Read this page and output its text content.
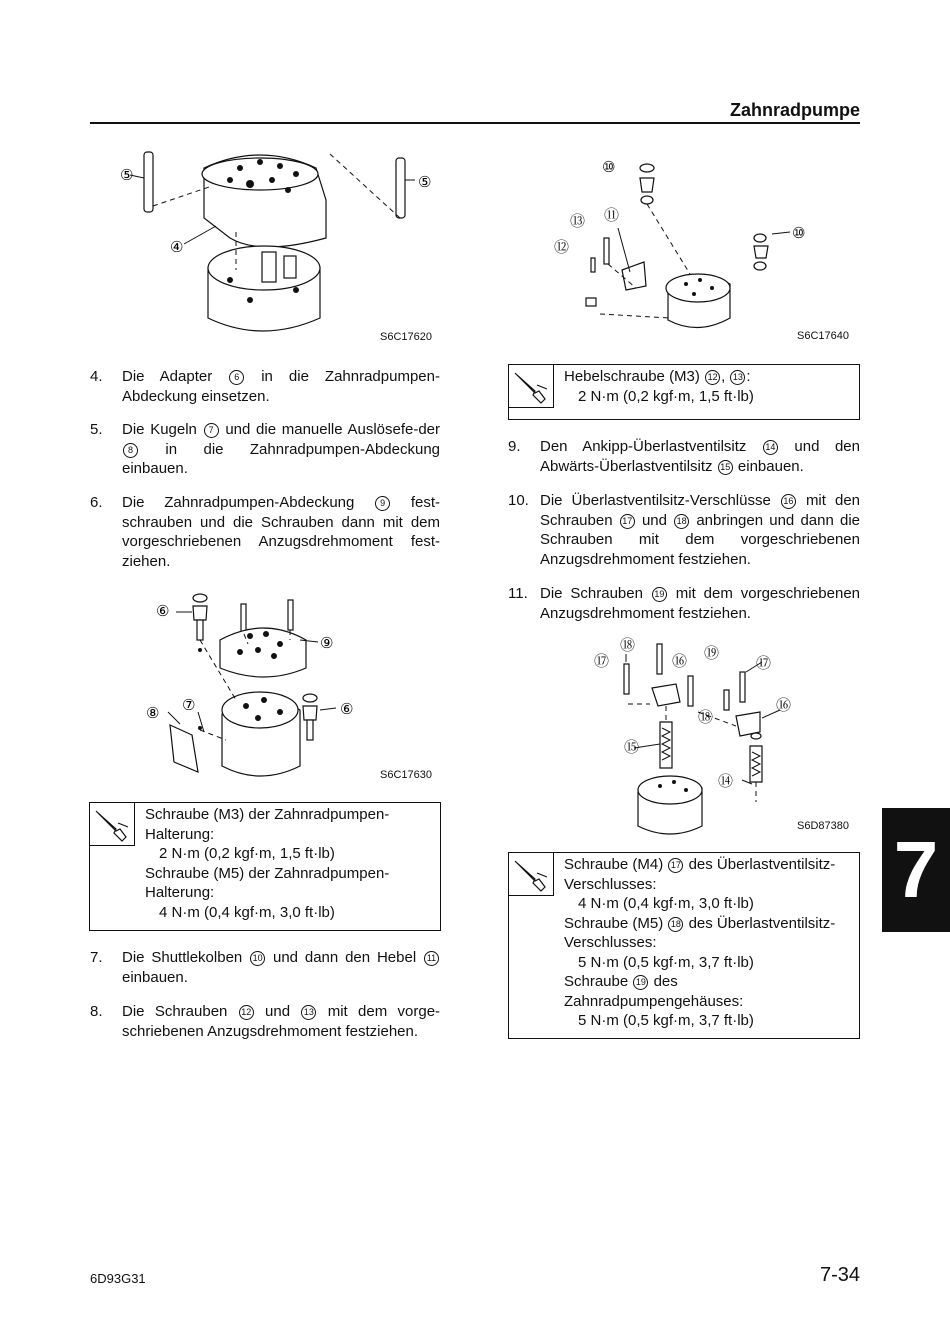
Zahnradpumpe
⑤	⑤
④
S6C17620
⑩
⑬ ⑪
⑫
⑩
S6C17640
4. Die Adapter 6 in die Zahnradpumpen-Abdeckung einsetzen.
5. Die Kugeln 7 und die manuelle Auslösefe-der 8 in die Zahnradpumpen-Abdeckung einbauen.
6. Die Zahnradpumpen-Abdeckung	9 fest-schrauben und die Schrauben dann mit dem vorgeschriebenen Anzugsdrehmoment fest-ziehen.
⑥
⑨
⑧ ⑦	⑥
S6C17630
Schraube (M3) der Zahnradpumpen-
Halterung:
2 N·m (0,2 kgf·m, 1,5 ft·lb)
Schraube (M5) der Zahnradpumpen-
Halterung:
4 N·m (0,4 kgf·m, 3,0 ft·lb)
7. Die Shuttlekolben 10 und dann den Hebel 11 einbauen.
8. Die Schrauben 12 und 13 mit dem vorge-schriebenen Anzugsdrehmoment festziehen.
Hebelschraube (M3) 12 , 13 :
2 N·m (0,2 kgf·m, 1,5 ft·lb)
9. Den Ankipp-Überlastventilsitz 14 und den Abwärts-Überlastventilsitz 15 einbauen.
10. Die Überlastventilsitz-Verschlüsse 16 mit den Schrauben 17 und 18 anbringen und dann die Schrauben mit dem vorgeschriebenen Anzugsdrehmoment festziehen.
11. Die Schrauben 19 mit dem vorgeschriebenen Anzugsdrehmoment festziehen.
⑱
⑰	⑯ ⑲
⑰
⑱
⑯
⑮
⑭
S6D87380
Schraube (M4) 17 des Überlastventilsitz-
Verschlusses:
4 N·m (0,4 kgf·m, 3,0 ft·lb)
Schraube (M5) 18 des Überlastventilsitz-
Verschlusses:
5 N·m (0,5 kgf·m, 3,7 ft·lb)
Schraube 19 des
Zahnradpumpengehäuses:
5 N·m (0,5 kgf·m, 3,7 ft·lb)
7
6D93G31	7-34
